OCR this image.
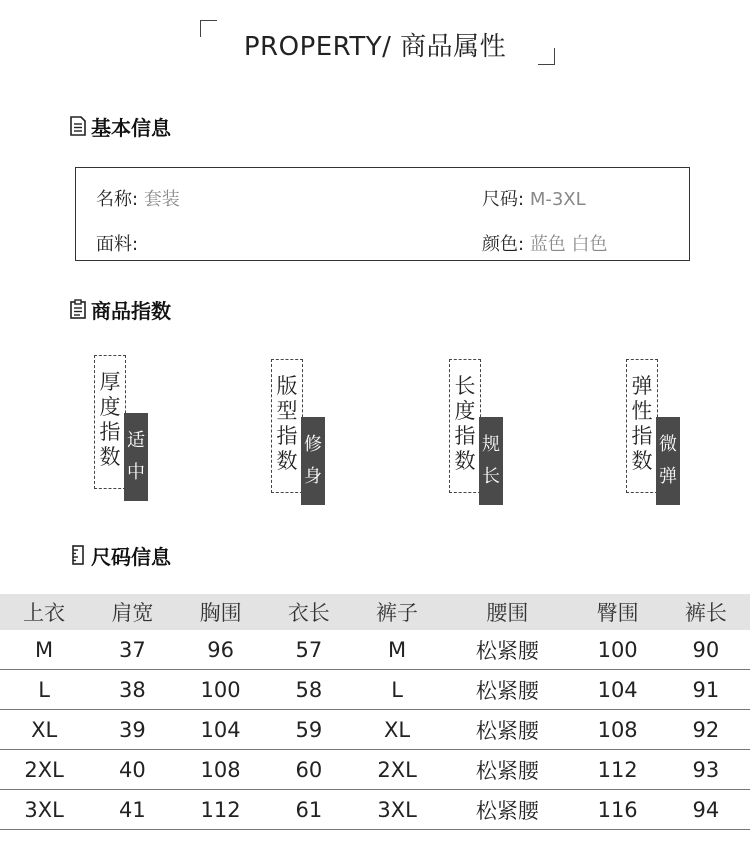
PROPERTY/ 商品属性
基本信息
名称: 套装	尺码: M-3XL
面料:	颜色: 蓝色 白色
商品指数
厚
度
指
数
适
中
版
型
指
数
修
身
长
度
指
数
规
长
弹
性
指
数
微
弹
尺码信息
上衣	肩宽	胸围	衣长	裤子	腰围	臀围	裤长
M	37	96	57	M	松紧腰	100	90
L	38	100	58	L	松紧腰	104	91
XL	39	104	59	XL	松紧腰	108	92
2XL	40	108	60	2XL	松紧腰	112	93
3XL	41	112	61	3XL	松紧腰	116	94
